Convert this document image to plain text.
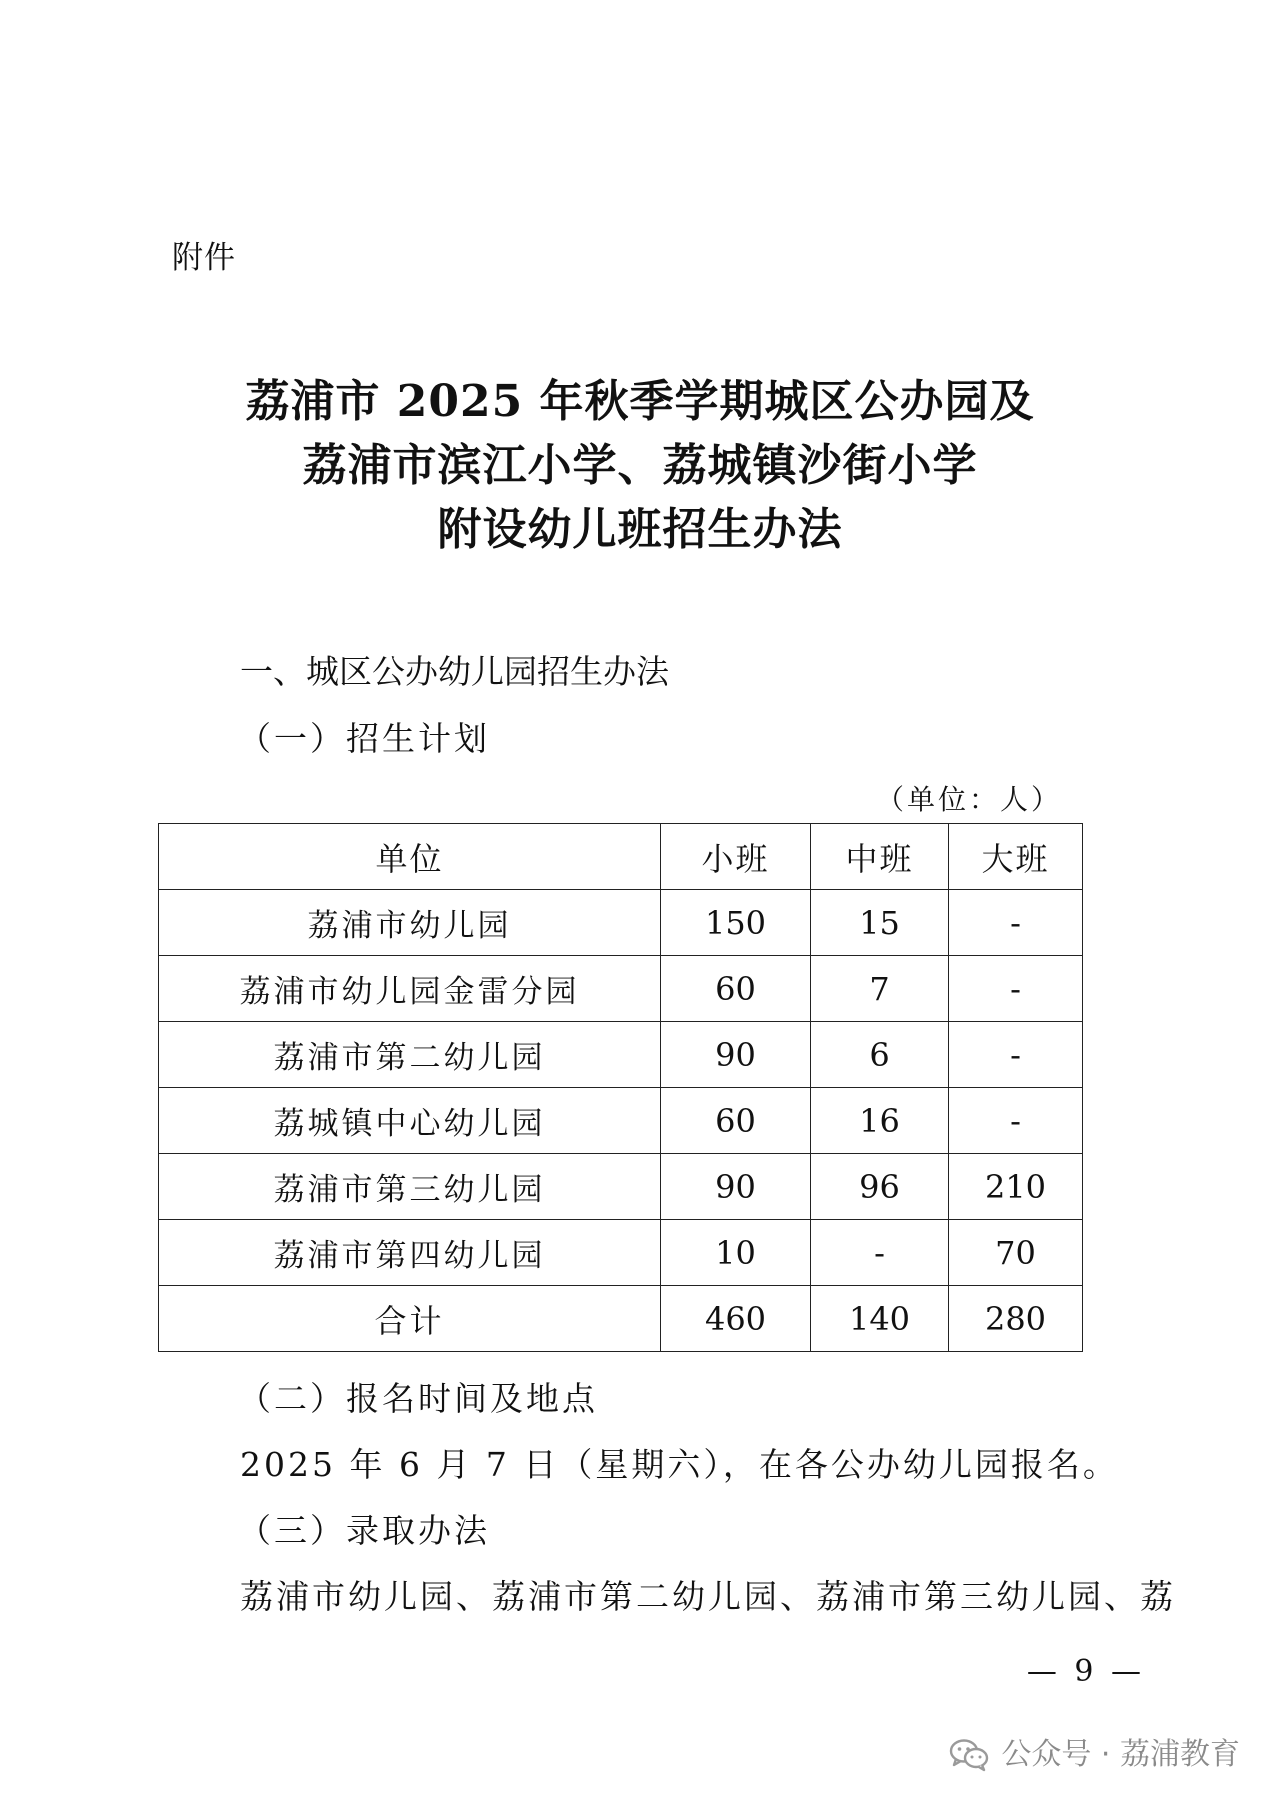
附件
荔浦市 2025 年秋季学期城区公办园及
荔浦市滨江小学、荔城镇沙街小学
附设幼儿班招生办法
一、城区公办幼儿园招生办法
（一）招生计划
（单位：人）
单位	小班	中班	大班
荔浦市幼儿园	150	15	-
荔浦市幼儿园金雷分园	60	7	-
荔浦市第二幼儿园	90	6	-
荔城镇中心幼儿园	60	16	-
荔浦市第三幼儿园	90	96	210
荔浦市第四幼儿园	10	-	70
合计	460	140	280
（二）报名时间及地点
2025 年 6 月 7 日（星期六），在各公办幼儿园报名。
（三）录取办法
荔浦市幼儿园、荔浦市第二幼儿园、荔浦市第三幼儿园、荔
— 9 —
公众号 · 荔浦教育
